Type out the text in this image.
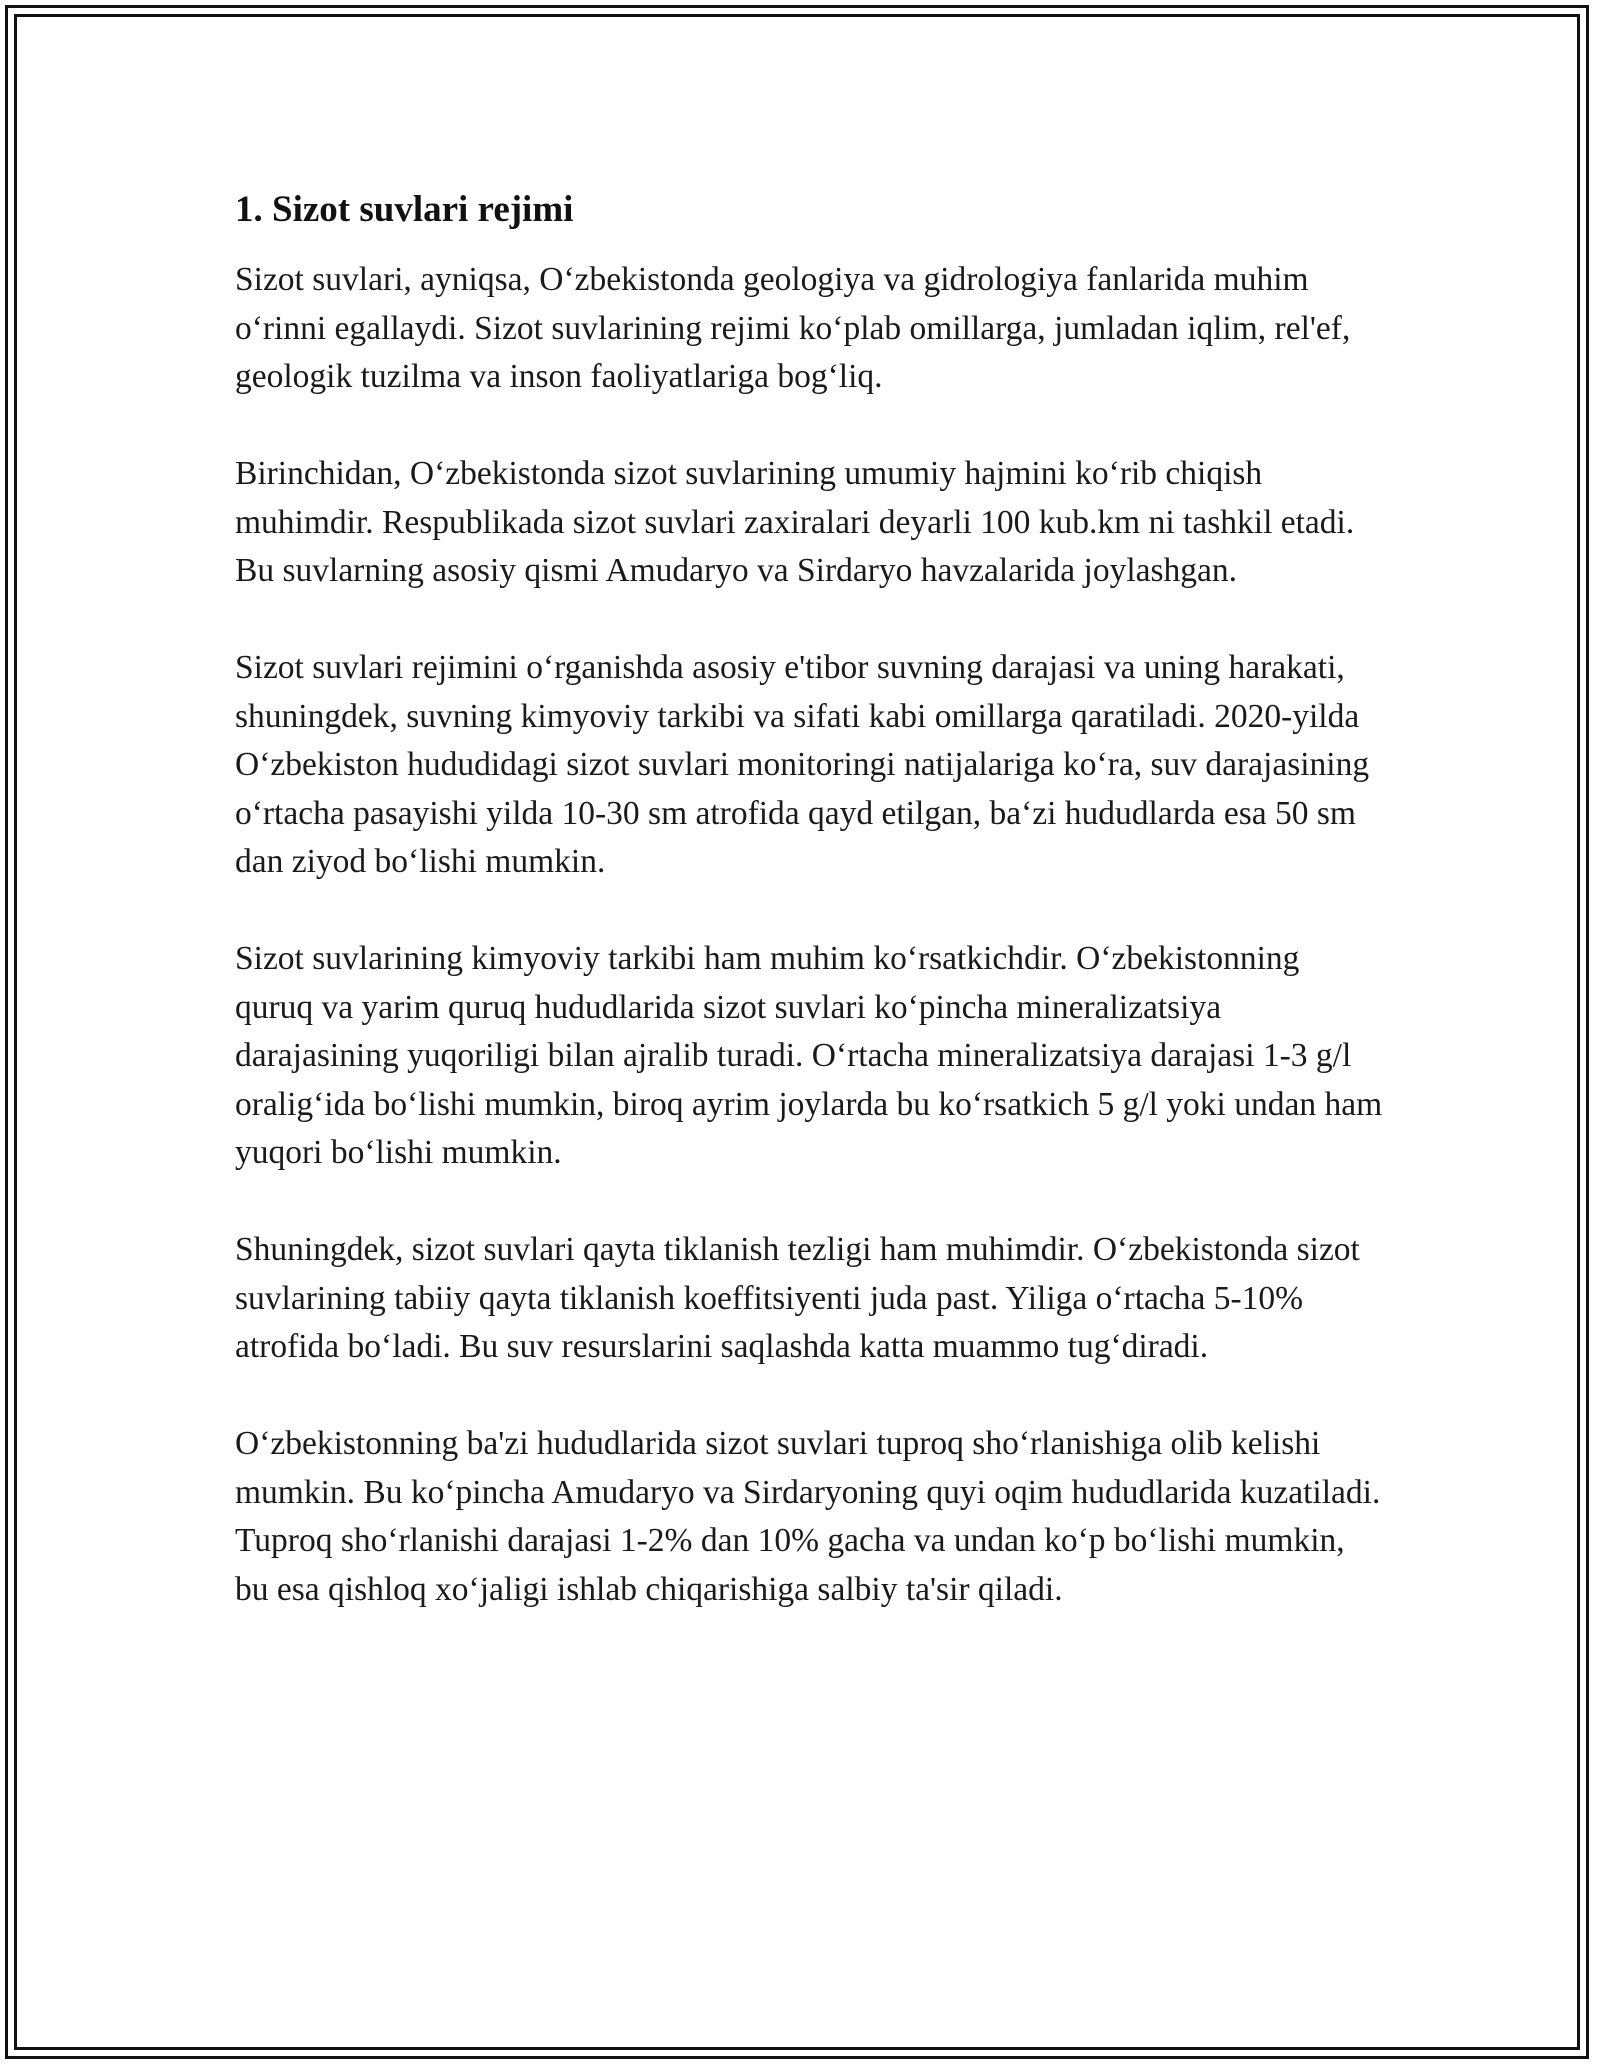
1. Sizot suvlari rejimi

Sizot suvlari, ayniqsa, O‘zbekistonda geologiya va gidrologiya fanlarida muhim o‘rinni egallaydi. Sizot suvlarining rejimi ko‘plab omillarga, jumladan iqlim, rel'ef, geologik tuzilma va inson faoliyatlariga bog‘liq.

Birinchidan, O‘zbekistonda sizot suvlarining umumiy hajmini ko‘rib chiqish muhimdir. Respublikada sizot suvlari zaxiralari deyarli 100 kub.km ni tashkil etadi. Bu suvlarning asosiy qismi Amudaryo va Sirdaryo havzalarida joylashgan.

Sizot suvlari rejimini o‘rganishda asosiy e'tibor suvning darajasi va uning harakati, shuningdek, suvning kimyoviy tarkibi va sifati kabi omillarga qaratiladi. 2020-yilda O‘zbekiston hududidagi sizot suvlari monitoringi natijalariga ko‘ra, suv darajasining o‘rtacha pasayishi yilda 10-30 sm atrofida qayd etilgan, ba‘zi hududlarda esa 50 sm dan ziyod bo‘lishi mumkin.

Sizot suvlarining kimyoviy tarkibi ham muhim ko‘rsatkichdir. O‘zbekistonning quruq va yarim quruq hududlarida sizot suvlari ko‘pincha mineralizatsiya darajasining yuqoriligi bilan ajralib turadi. O‘rtacha mineralizatsiya darajasi 1-3 g/l oralig‘ida bo‘lishi mumkin, biroq ayrim joylarda bu ko‘rsatkich 5 g/l yoki undan ham yuqori bo‘lishi mumkin.

Shuningdek, sizot suvlari qayta tiklanish tezligi ham muhimdir. O‘zbekistonda sizot suvlarining tabiiy qayta tiklanish koeffitsiyenti juda past. Yiliga o‘rtacha 5-10% atrofida bo‘ladi. Bu suv resurslarini saqlashda katta muammo tug‘diradi.

O‘zbekistonning ba'zi hududlarida sizot suvlari tuproq sho‘rlanishiga olib kelishi mumkin. Bu ko‘pincha Amudaryo va Sirdaryoning quyi oqim hududlarida kuzatiladi. Tuproq sho‘rlanishi darajasi 1-2% dan 10% gacha va undan ko‘p bo‘lishi mumkin, bu esa qishloq xo‘jaligi ishlab chiqarishiga salbiy ta'sir qiladi.
